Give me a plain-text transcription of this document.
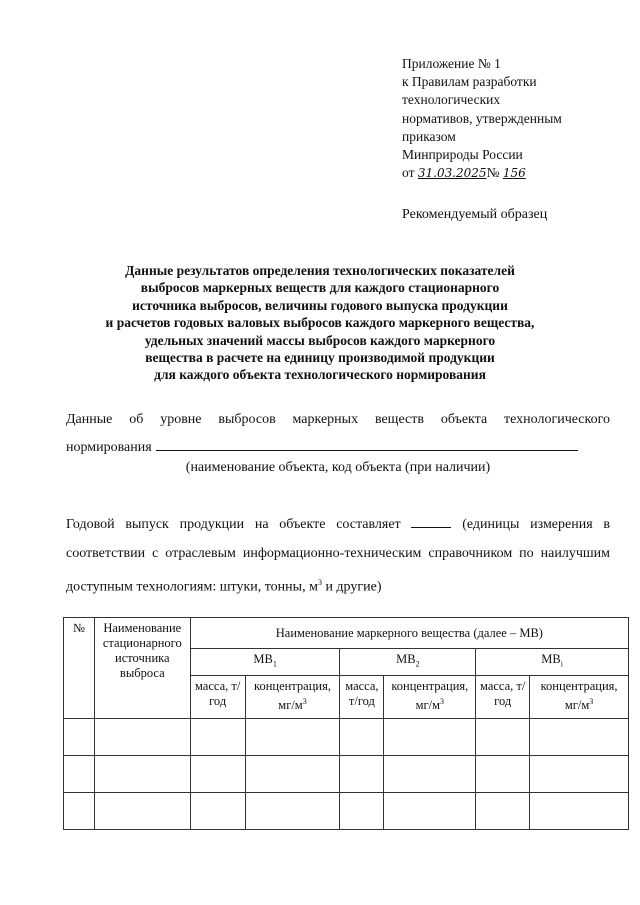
Приложение № 1
к Правилам разработки
технологических
нормативов, утвержденным
приказом
Минприроды России
от 31.03.2025№ 156
Рекомендуемый образец
Данные результатов определения технологических показателей
выбросов маркерных веществ для каждого стационарного
источника выбросов, величины годового выпуска продукции
и расчетов годовых валовых выбросов каждого маркерного вещества,
удельных значений массы выбросов каждого маркерного
вещества в расчете на единицу производимой продукции
для каждого объекта технологического нормирования
Данные об уровне выбросов маркерных веществ объекта технологического
нормирования
(наименование объекта, код объекта (при наличии)
Годовой выпуск продукции на объекте составляет	(единицы измерения в соответствии с отраслевым информационно-техническим справочником по наилучшим доступным технологиям: штуки, тонны, $м^3$ и другие)
№	Наименование стационарного источника выброса	Наименование маркерного вещества (далее – МВ)					
		$МВ_1$		$МВ_2$		$МВ_i$
		масса, т/год	концентрация, $мг/м^3$	масса, т/год	концентрация, $мг/м^3$	масса, т/год	концентрация, $мг/м^3$
